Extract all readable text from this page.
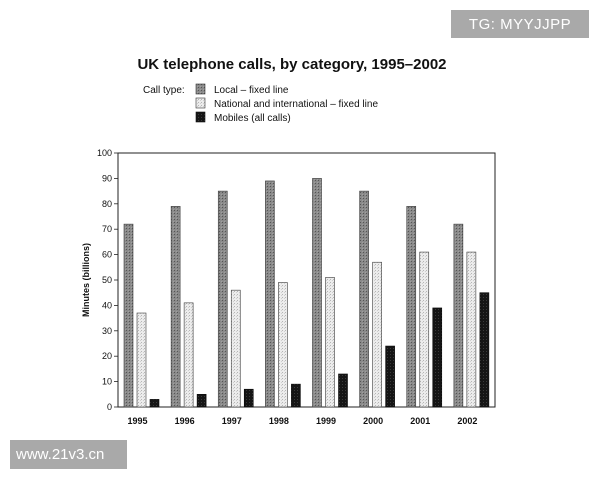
UK telephone calls, by category, 1995–2002
Call type:	Local – fixed line
National and international – fixed line
Mobiles (all calls)
Minutes (billions)
0
10
20
30
40
50
60
70
80
90
100
1995	1996	1997	1998	1999	2000	2001	2002
TG: MYYJJPP
www.21v3.cn
